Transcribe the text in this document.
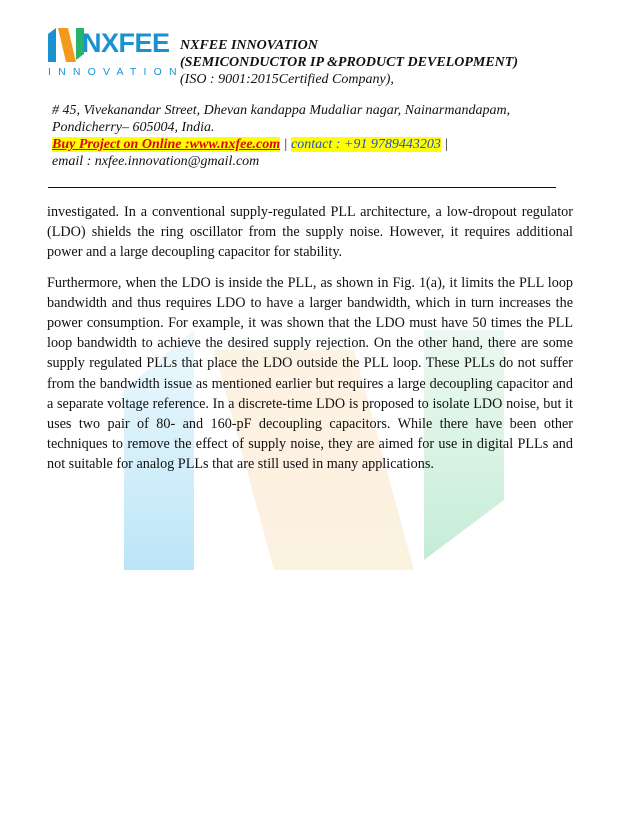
NXFEE
INNOVATION
NXFEE INNOVATION
(SEMICONDUCTOR IP &PRODUCT DEVELOPMENT)
(ISO : 9001:2015Certified Company),
# 45, Vivekanandar Street, Dhevan kandappa Mudaliar nagar, Nainarmandapam,
Pondicherry– 605004, India.
Buy Project on Online :www.nxfee.com | contact : +91 9789443203 |
email : nxfee.innovation@gmail.com

investigated. In a conventional supply-regulated PLL architecture, a low-dropout regulator (LDO) shields the ring oscillator from the supply noise. However, it requires additional power and a large decoupling capacitor for stability.

Furthermore, when the LDO is inside the PLL, as shown in Fig. 1(a), it limits the PLL loop bandwidth and thus requires LDO to have a larger bandwidth, which in turn increases the power consumption. For example, it was shown that the LDO must have 50 times the PLL loop bandwidth to achieve the desired supply rejection. On the other hand, there are some supply regulated PLLs that place the LDO outside the PLL loop. These PLLs do not suffer from the bandwidth issue as mentioned earlier but requires a large decoupling capacitor and a separate voltage reference. In a discrete-time LDO is proposed to isolate LDO noise, but it uses two pair of 80- and 160-pF decoupling capacitors. While there have been other techniques to remove the effect of supply noise, they are aimed for use in digital PLLs and not suitable for analog PLLs that are still used in many applications.
